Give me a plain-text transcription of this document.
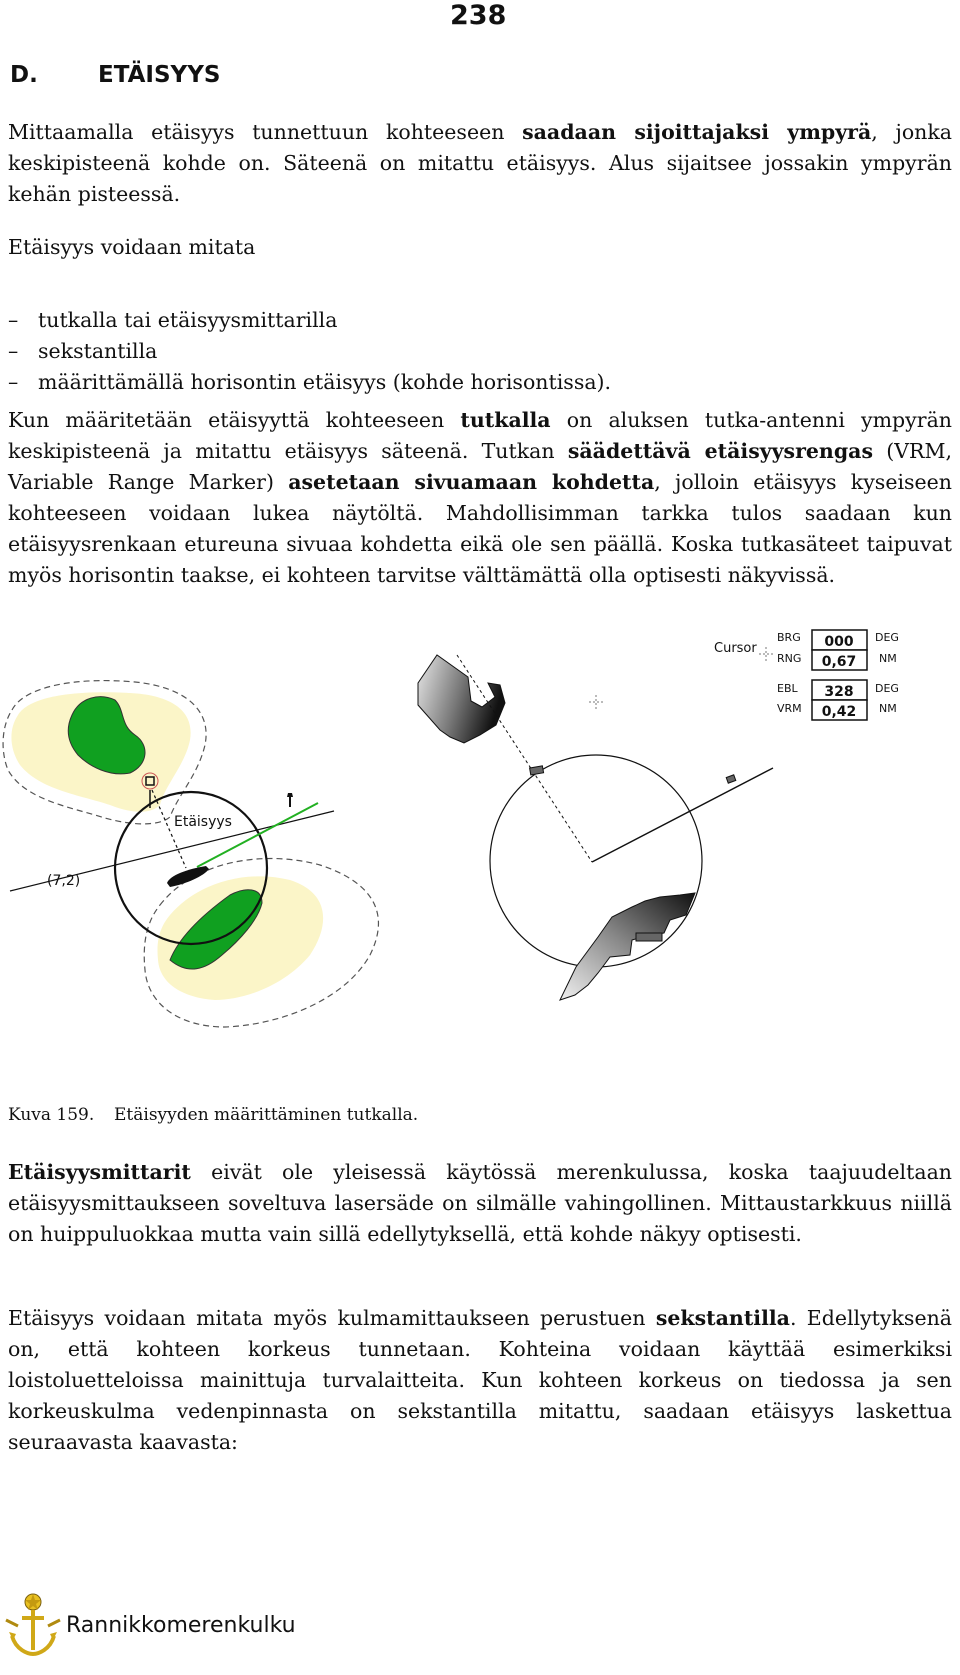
238
D.	ETÄISYYS

Mittaamalla etäisyys tunnettuun kohteeseen saadaan sijoittajaksi ympyrä, jonka keskipisteenä kohde on. Säteenä on mitattu etäisyys. Alus sijaitsee jossakin ympyrän kehän pisteessä.

Etäisyys voidaan mitata

– tutkalla tai etäisyysmittarilla
– sekstantilla
– määrittämällä horisontin etäisyys (kohde horisontissa).

Kun määritetään etäisyyttä kohteeseen tutkalla on aluksen tutka-antenni ympyrän keskipisteenä ja mitattu etäisyys säteenä. Tutkan säädettävä etäisyysrengas (VRM, Variable Range Marker) asetetaan sivuamaan kohdetta, jolloin etäisyys kyseiseen kohteeseen voidaan lukea näytöltä. Mahdollisimman tarkka tulos saadaan kun etäisyysrenkaan etureuna sivuaa kohdetta eikä ole sen päällä. Koska tutkasäteet taipuvat myös horisontin taakse, ei kohteen tarvitse välttämättä olla optisesti näkyvissä.

Etäisyys
(7,2)
Cursor
BRG 000 DEG
RNG 0,67 NM
EBL 328 DEG
VRM 0,42 NM
Kuva 159. Etäisyyden määrittäminen tutkalla.

Etäisyysmittarit eivät ole yleisessä käytössä merenkulussa, koska taajuudeltaan etäisyysmittaukseen soveltuva lasersäde on silmälle vahingollinen. Mittaustarkkuus niillä on huippuluokkaa mutta vain sillä edellytyksellä, että kohde näkyy optisesti.

Etäisyys voidaan mitata myös kulmamittaukseen perustuen sekstantilla. Edellytyksenä on, että kohteen korkeus tunnetaan. Kohteina voidaan käyttää esimerkiksi loistoluetteloissa mainittuja turvalaitteita. Kun kohteen korkeus on tiedossa ja sen korkeuskulma vedenpinnasta on sekstantilla mitattu, saadaan etäisyys laskettua seuraavasta kaavasta:

Rannikkomerenkulku
